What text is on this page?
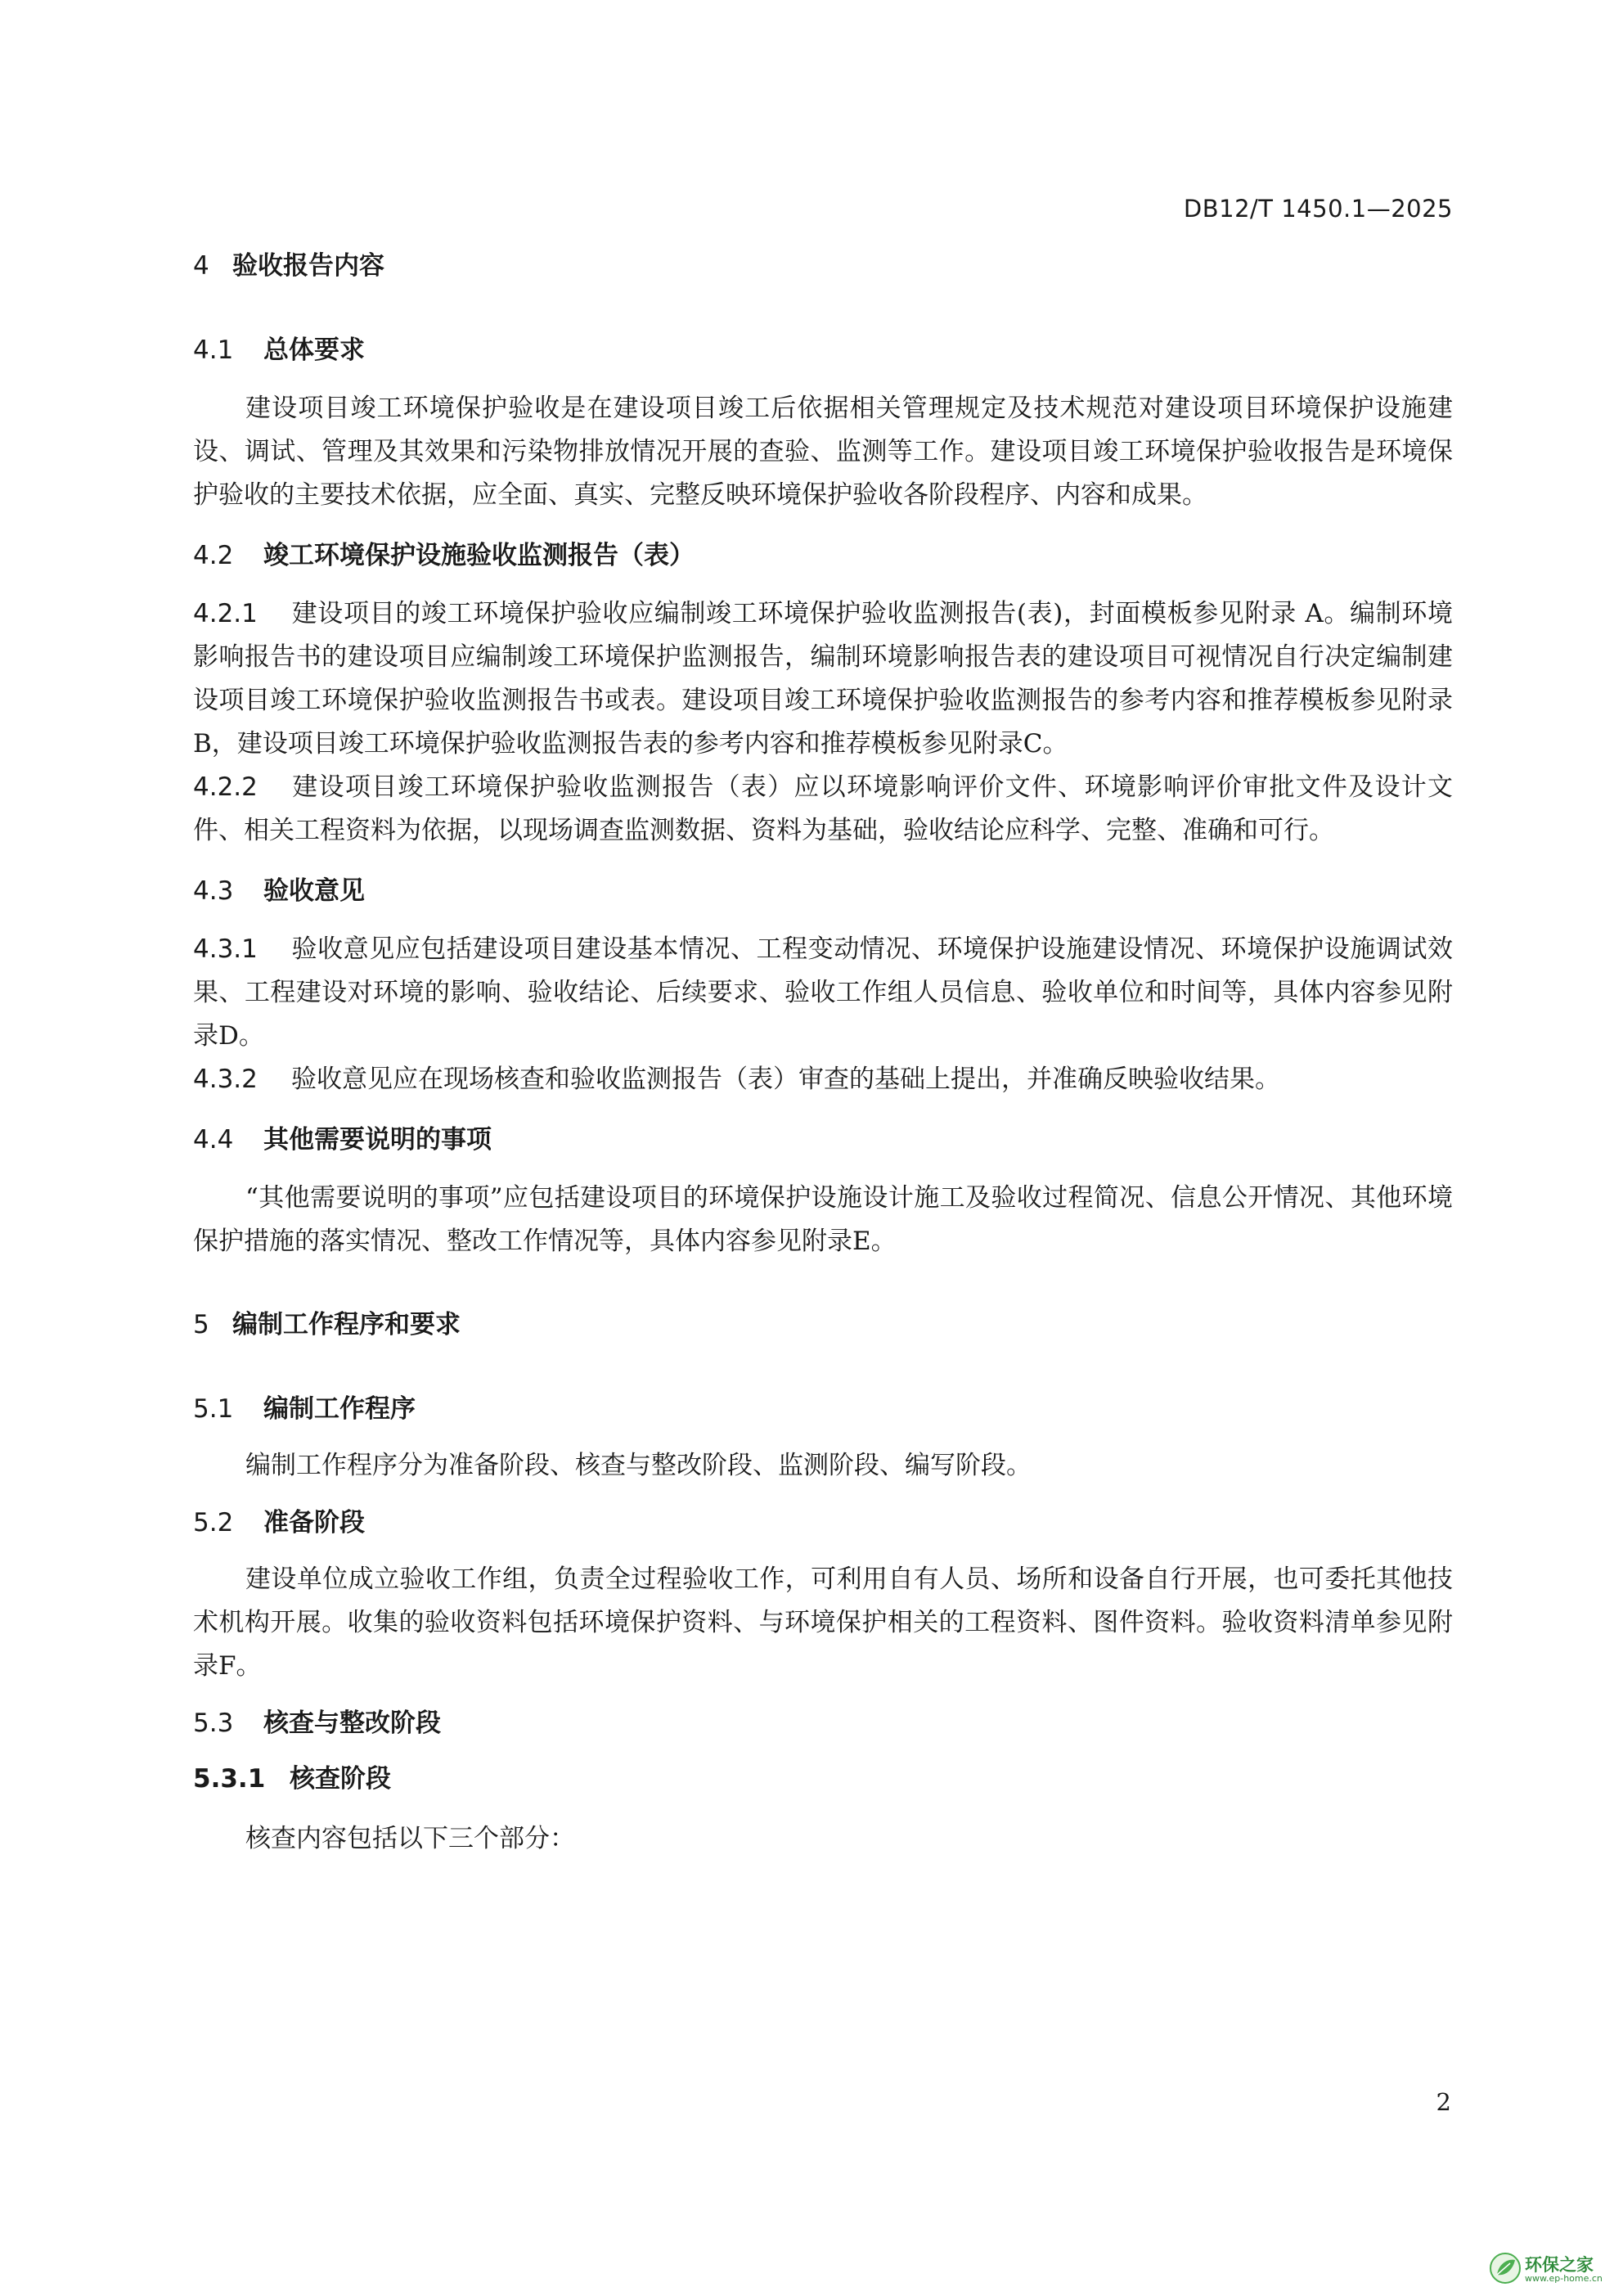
DB12/T 1450.1—2025
4 验收报告内容
4.1 总体要求

建设项目竣工环境保护验收是在建设项目竣工后依据相关管理规定及技术规范对建设项目环境保护设施建设、调试、管理及其效果和污染物排放情况开展的查验、监测等工作。建设项目竣工环境保护验收报告是环境保护验收的主要技术依据，应全面、真实、完整反映环境保护验收各阶段程序、内容和成果。

4.2 竣工环境保护设施验收监测报告（表）

4.2.1 建设项目的竣工环境保护验收应编制竣工环境保护验收监测报告(表)，封面模板参见附录 A。编制环境影响报告书的建设项目应编制竣工环境保护监测报告，编制环境影响报告表的建设项目可视情况自行决定编制建设项目竣工环境保护验收监测报告书或表。建设项目竣工环境保护验收监测报告的参考内容和推荐模板参见附录B，建设项目竣工环境保护验收监测报告表的参考内容和推荐模板参见附录C。

4.2.2 建设项目竣工环境保护验收监测报告（表）应以环境影响评价文件、环境影响评价审批文件及设计文件、相关工程资料为依据，以现场调查监测数据、资料为基础，验收结论应科学、完整、准确和可行。

4.3 验收意见

4.3.1 验收意见应包括建设项目建设基本情况、工程变动情况、环境保护设施建设情况、环境保护设施调试效果、工程建设对环境的影响、验收结论、后续要求、验收工作组人员信息、验收单位和时间等，具体内容参见附录D。

4.3.2 验收意见应在现场核查和验收监测报告（表）审查的基础上提出，并准确反映验收结果。

4.4 其他需要说明的事项

“其他需要说明的事项”应包括建设项目的环境保护设施设计施工及验收过程简况、信息公开情况、其他环境保护措施的落实情况、整改工作情况等，具体内容参见附录E。

5 编制工作程序和要求
5.1 编制工作程序

编制工作程序分为准备阶段、核查与整改阶段、监测阶段、编写阶段。

5.2 准备阶段

建设单位成立验收工作组，负责全过程验收工作，可利用自有人员、场所和设备自行开展，也可委托其他技术机构开展。收集的验收资料包括环境保护资料、与环境保护相关的工程资料、图件资料。验收资料清单参见附录F。

5.3 核查与整改阶段
5.3.1 核查阶段

核查内容包括以下三个部分：

2
环保之家
www.ep-home.cn
